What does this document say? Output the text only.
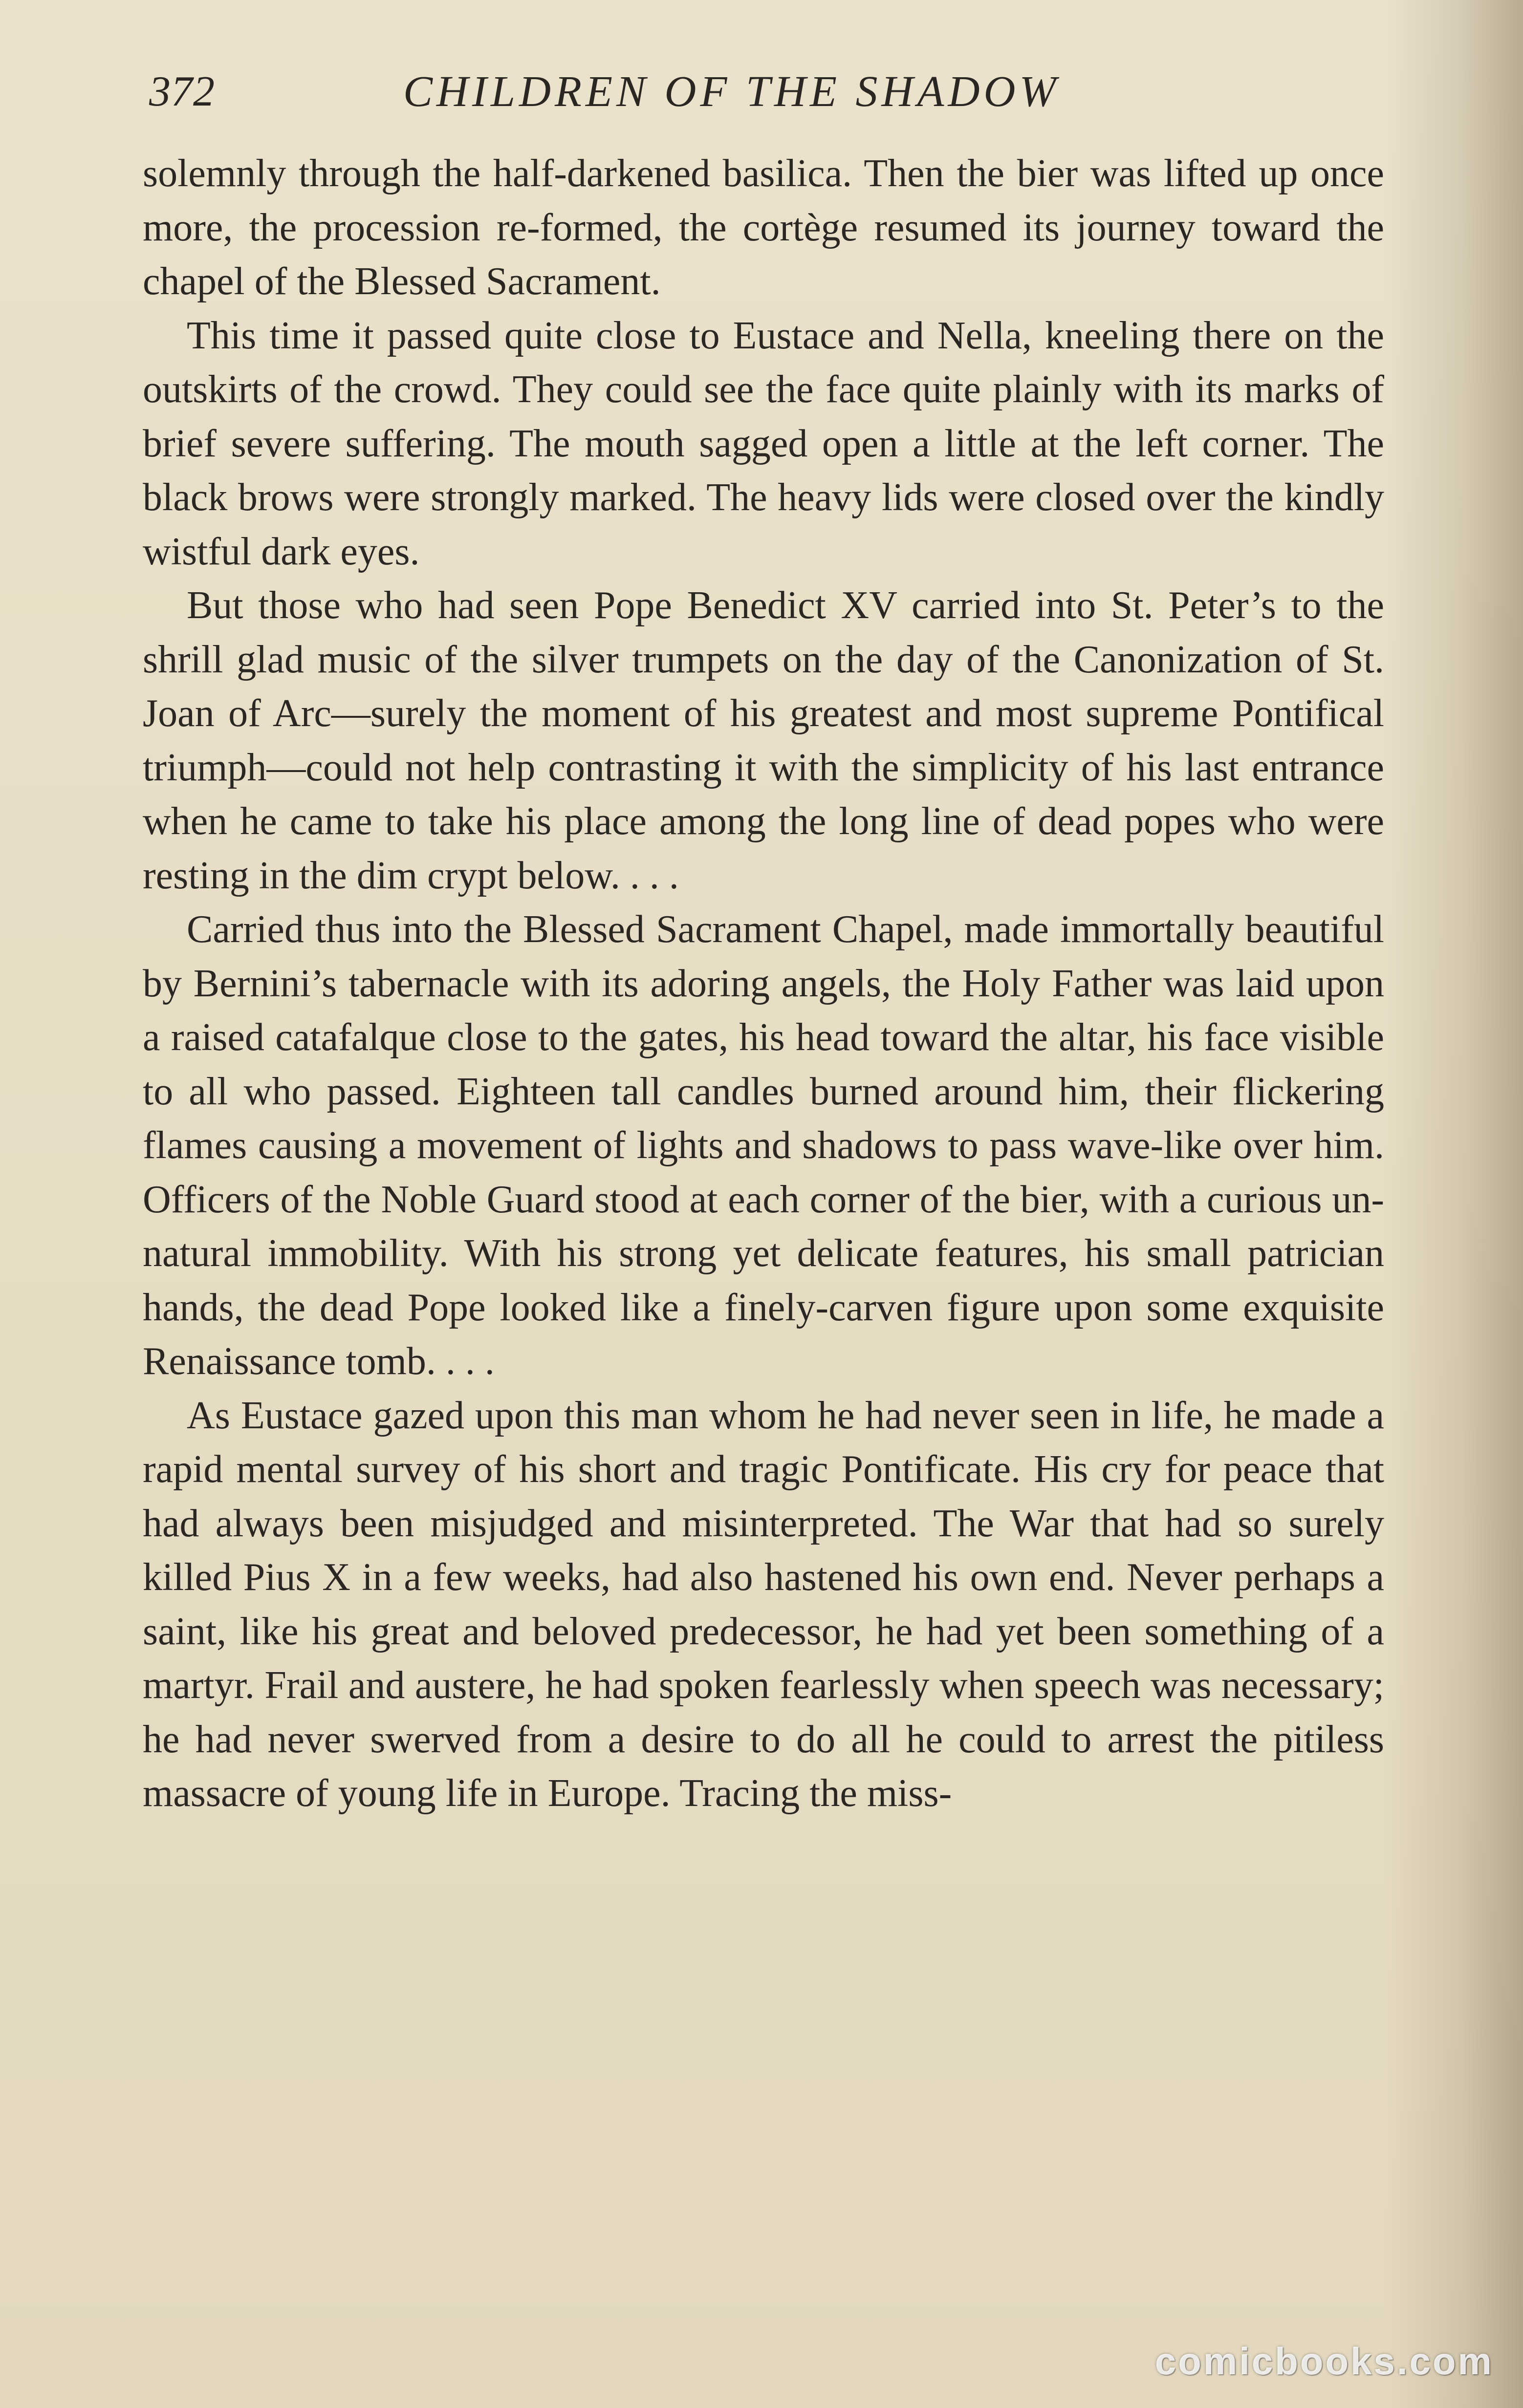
372	CHILDREN OF THE SHADOW

solemnly through the half-darkened basilica. Then the bier was lifted up once more, the procession re-formed, the cortège resumed its journey toward the chapel of the Blessed Sacrament.

This time it passed quite close to Eustace and Nella, kneeling there on the outskirts of the crowd. They could see the face quite plainly with its marks of brief severe suffering. The mouth sagged open a little at the left corner. The black brows were strongly marked. The heavy lids were closed over the kindly wistful dark eyes.

But those who had seen Pope Benedict XV carried into St. Peter’s to the shrill glad music of the silver trumpets on the day of the Canonization of St. Joan of Arc—surely the moment of his greatest and most supreme Pontifical triumph—could not help contrasting it with the simplicity of his last entrance when he came to take his place among the long line of dead popes who were resting in the dim crypt below. . . .

Carried thus into the Blessed Sacrament Chapel, made immortally beautiful by Bernini’s tabernacle with its adoring angels, the Holy Father was laid upon a raised catafalque close to the gates, his head toward the altar, his face visible to all who passed. Eighteen tall candles burned around him, their flickering flames causing a movement of lights and shadows to pass wave-like over him. Officers of the Noble Guard stood at each corner of the bier, with a curious unnatural immobility. With his strong yet delicate features, his small patrician hands, the dead Pope looked like a finely-carven figure upon some exquisite Renaissance tomb. . . .

As Eustace gazed upon this man whom he had never seen in life, he made a rapid mental survey of his short and tragic Pontificate. His cry for peace that had always been misjudged and misinterpreted. The War that had so surely killed Pius X in a few weeks, had also hastened his own end. Never perhaps a saint, like his great and beloved predecessor, he had yet been something of a martyr. Frail and austere, he had spoken fearlessly when speech was necessary; he had never swerved from a desire to do all he could to arrest the pitiless massacre of young life in Europe. Tracing the miss-

comicbooks.com
